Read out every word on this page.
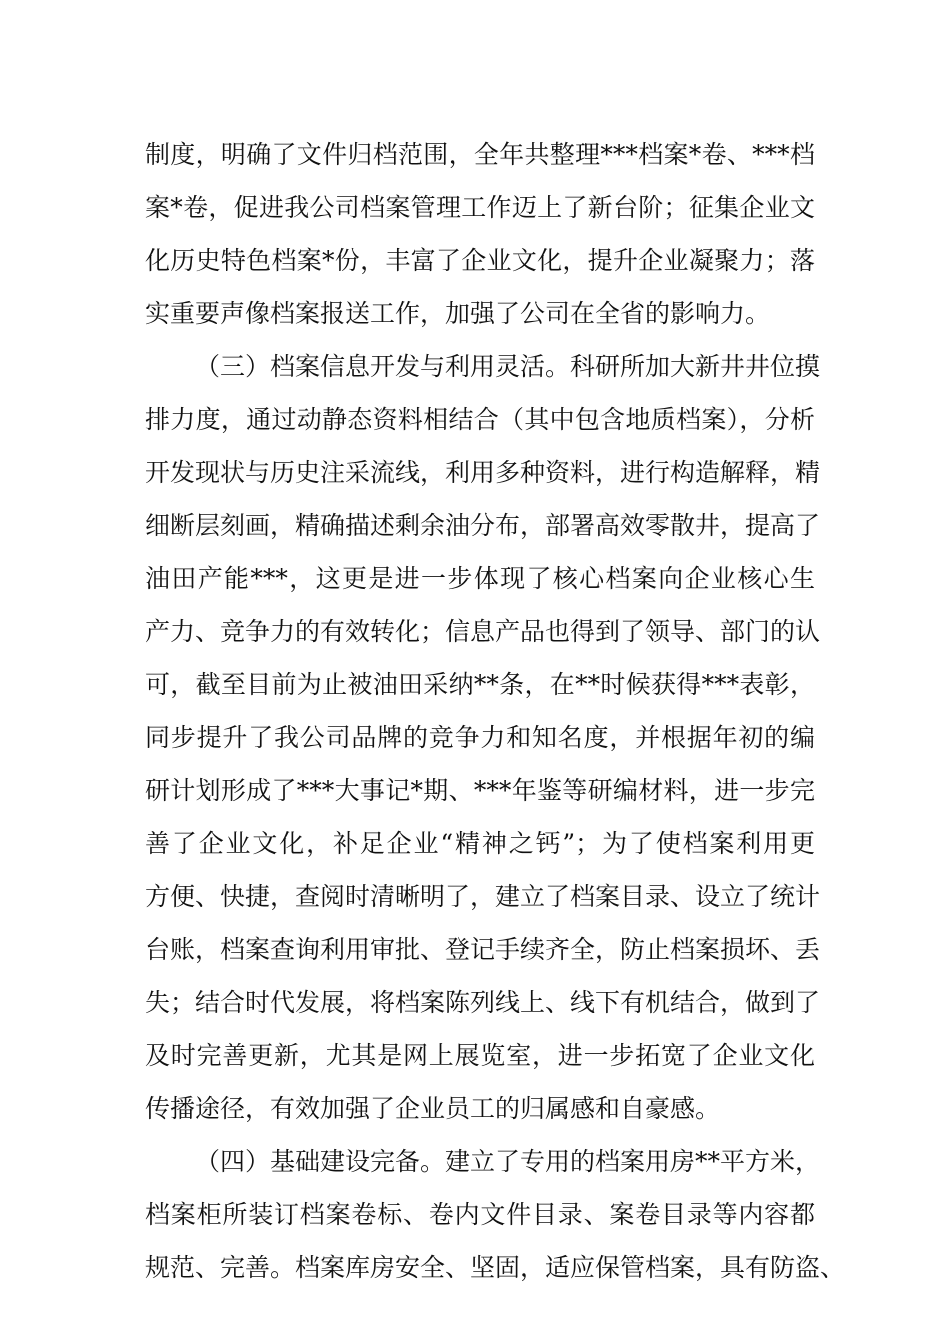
制度，明确了文件归档范围，全年共整理***档案*卷、***档
案*卷，促进我公司档案管理工作迈上了新台阶；征集企业文
化历史特色档案*份，丰富了企业文化，提升企业凝聚力；落
实重要声像档案报送工作，加强了公司在全省的影响力。
（三）档案信息开发与利用灵活。科研所加大新井井位摸
排力度，通过动静态资料相结合（其中包含地质档案），分析
开发现状与历史注采流线，利用多种资料，进行构造解释，精
细断层刻画，精确描述剩余油分布，部署高效零散井，提高了
油田产能***，这更是进一步体现了核心档案向企业核心生
产力、竞争力的有效转化；信息产品也得到了领导、部门的认
可，截至目前为止被油田采纳**条，在**时候获得***表彰，
同步提升了我公司品牌的竞争力和知名度，并根据年初的编
研计划形成了***大事记*期、***年鉴等研编材料，进一步完
善了企业文化，补足企业“精神之钙”；为了使档案利用更
方便、快捷，查阅时清晰明了，建立了档案目录、设立了统计
台账，档案查询利用审批、登记手续齐全，防止档案损坏、丢
失；结合时代发展，将档案陈列线上、线下有机结合，做到了
及时完善更新，尤其是网上展览室，进一步拓宽了企业文化
传播途径，有效加强了企业员工的归属感和自豪感。
（四）基础建设完备。建立了专用的档案用房**平方米，
档案柜所装订档案卷标、卷内文件目录、案卷目录等内容都
规范、完善。档案库房安全、坚固，适应保管档案，具有防盗、
